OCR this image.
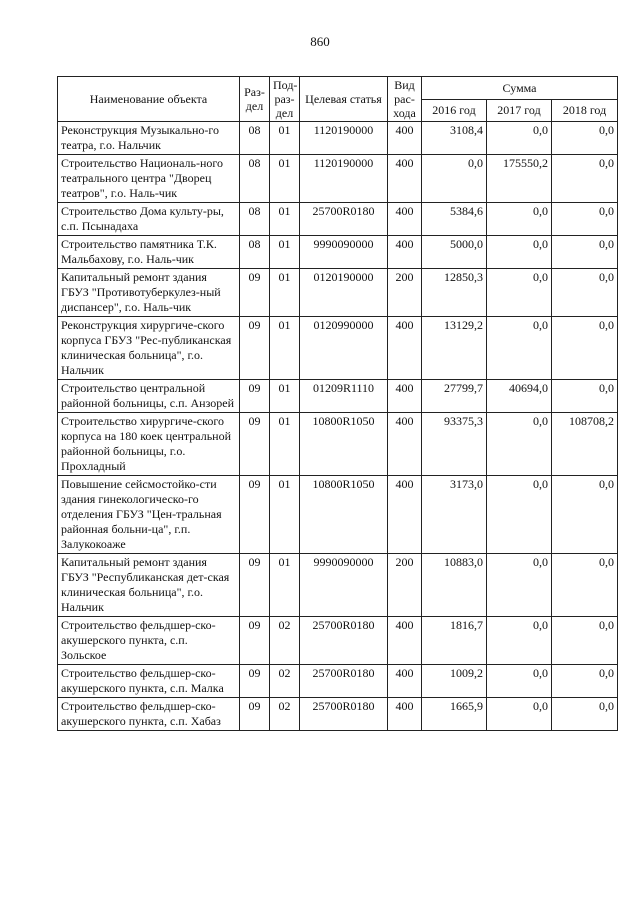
860
Наименование объекта	Раз-дел	Под-раз-дел	Целевая статья	Вид рас-хода	Сумма		
					2016 год	2017 год	2018 год
Реконструкция Музыкально-го театра, г.о. Нальчик	08	01	1120190000	400	3108,4	0,0	0,0
Строительство Националь-ного театрального центра "Дворец театров", г.о. Наль-чик	08	01	1120190000	400	0,0	175550,2	0,0
Строительство Дома культу-ры, с.п. Псынадаха	08	01	25700R0180	400	5384,6	0,0	0,0
Строительство памятника Т.К. Мальбахову, г.о. Наль-чик	08	01	9990090000	400	5000,0	0,0	0,0
Капитальный ремонт здания ГБУЗ "Противотуберкулез-ный диспансер", г.о. Наль-чик	09	01	0120190000	200	12850,3	0,0	0,0
Реконструкция хирургиче-ского корпуса ГБУЗ "Рес-публиканская клиническая больница", г.о. Нальчик	09	01	0120990000	400	13129,2	0,0	0,0
Строительство центральной районной больницы, с.п. Анзорей	09	01	01209R1110	400	27799,7	40694,0	0,0
Строительство хирургиче-ского корпуса на 180 коек центральной районной больницы, г.о. Прохладный	09	01	10800R1050	400	93375,3	0,0	108708,2
Повышение сейсмостойко-сти здания гинекологическо-го отделения ГБУЗ "Цен-тральная районная больни-ца", г.п. Залукокоаже	09	01	10800R1050	400	3173,0	0,0	0,0
Капитальный ремонт здания ГБУЗ "Республиканская дет-ская клиническая больница", г.о. Нальчик	09	01	9990090000	200	10883,0	0,0	0,0
Строительство фельдшер-ско-акушерского пункта, с.п. Зольское	09	02	25700R0180	400	1816,7	0,0	0,0
Строительство фельдшер-ско-акушерского пункта, с.п. Малка	09	02	25700R0180	400	1009,2	0,0	0,0
Строительство фельдшер-ско-акушерского пункта, с.п. Хабаз	09	02	25700R0180	400	1665,9	0,0	0,0
